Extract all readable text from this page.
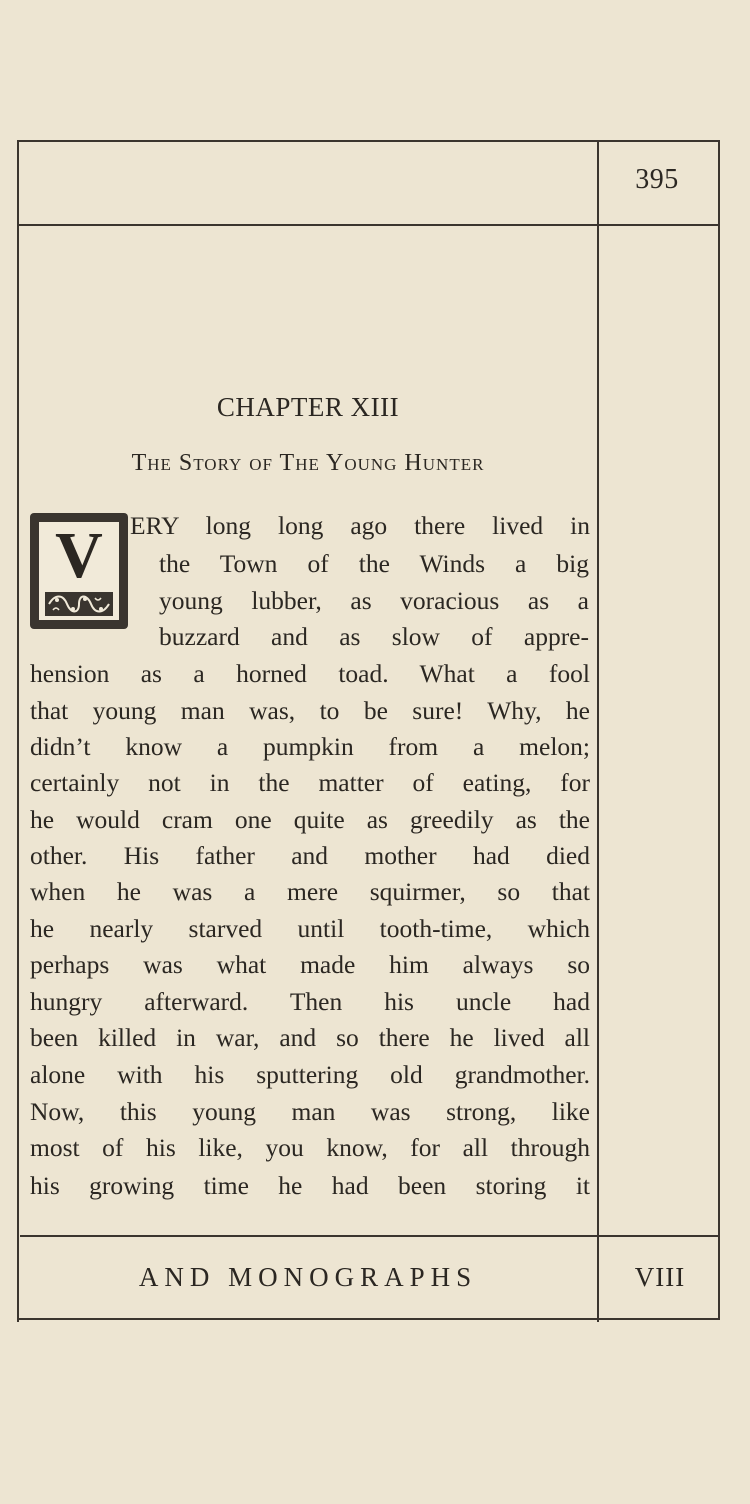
395
CHAPTER XIII
The Story of The Young Hunter
V	ERY long long ago there lived in
the Town of the Winds a big
young lubber, as voracious as a
buzzard and as slow of appre-
hension as a horned toad. What a fool
that young man was, to be sure! Why, he
didn’t know a pumpkin from a melon;
certainly not in the matter of eating, for
he would cram one quite as greedily as the
other. His father and mother had died
when he was a mere squirmer, so that
he nearly starved until tooth-time, which
perhaps was what made him always so
hungry afterward. Then his uncle had
been killed in war, and so there he lived all
alone with his sputtering old grandmother.
Now, this young man was strong, like
most of his like, you know, for all through
his growing time he had been storing it
AND MONOGRAPHS	VIII
